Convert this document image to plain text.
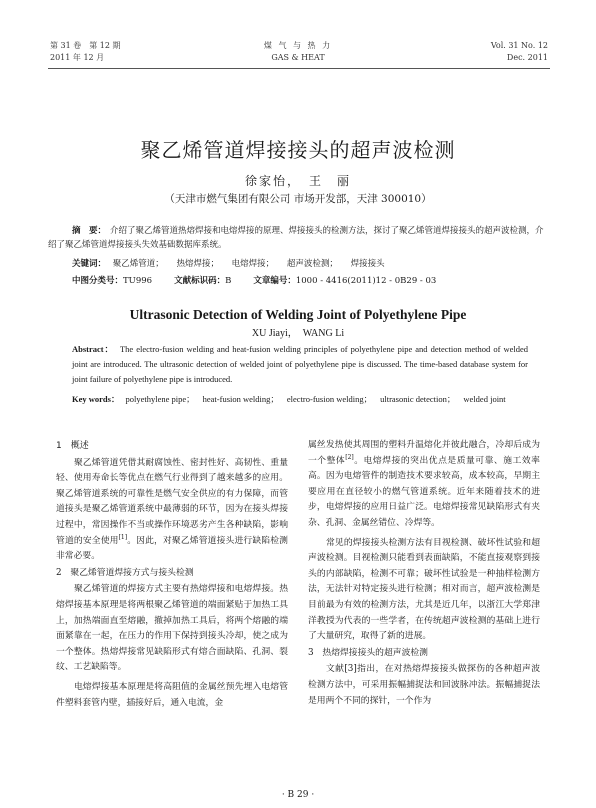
第 31 卷　第 12 期
2011 年 12 月
煤 气 与 热 力
GAS & HEAT
Vol. 31 No. 12
Dec. 2011
聚乙烯管道焊接接头的超声波检测
徐家怡，　王　丽
（天津市燃气集团有限公司 市场开发部，天津 300010）
摘　要： 介绍了聚乙烯管道热熔焊接和电熔焊接的原理、焊接接头的检测方法，探讨了聚乙烯管道焊接接头的超声波检测，介绍了聚乙烯管道焊接接头失效基础数据库系统。
关键词： 聚乙烯管道； 热熔焊接； 电熔焊接； 超声波检测； 焊接接头
中图分类号：TU996	文献标识码：B	文章编号：1000 - 4416(2011)12 - 0B29 - 03
Ultrasonic Detection of Welding Joint of Polyethylene Pipe
XU Jiayi，　WANG Li
Abstract： The electro-fusion welding and heat-fusion welding principles of polyethylene pipe and detection method of welded joint are introduced. The ultrasonic detection of welded joint of polyethylene pipe is discussed. The time-based database system for joint failure of polyethylene pipe is introduced.
Key words： polyethylene pipe； heat-fusion welding； electro-fusion welding； ultrasonic detection； welded joint

1　概述

聚乙烯管道凭借其耐腐蚀性、密封性好、高韧性、重量轻、使用寿命长等优点在燃气行业得到了越来越多的应用。聚乙烯管道系统的可靠性是燃气安全供应的有力保障，而管道接头是聚乙烯管道系统中最薄弱的环节，因为在接头焊接过程中，常因操作不当或操作环境恶劣产生各种缺陷，影响管道的安全使用[1]。因此，对聚乙烯管道接头进行缺陷检测非常必要。

2　聚乙烯管道焊接方式与接头检测

聚乙烯管道的焊接方式主要有热熔焊接和电熔焊接。热熔焊接基本原理是将两根聚乙烯管道的端面紧贴于加热工具上，加热端面直至熔融，撤掉加热工具后，将两个熔融的端面紧靠在一起，在压力的作用下保持到接头冷却，使之成为一个整体。热熔焊接常见缺陷形式有熔合面缺陷、孔洞、裂纹、工艺缺陷等。

电熔焊接基本原理是将高阻值的金属丝预先埋入电熔管件塑料套管内壁，插接好后，通入电流，金

属丝发热使其周围的塑料升温熔化并彼此融合，冷却后成为一个整体[2]。电熔焊接的突出优点是质量可靠、施工效率高。因为电熔管件的制造技术要求较高，成本较高，早期主要应用在直径较小的燃气管道系统。近年来随着技术的进步，电熔焊接的应用日益广泛。电熔焊接常见缺陷形式有夹杂、孔洞、金属丝错位、冷焊等。

常见的焊接接头检测方法有目视检测、破坏性试验和超声波检测。目视检测只能看到表面缺陷，不能直接观察到接头的内部缺陷，检测不可靠；破坏性试验是一种抽样检测方法，无法针对特定接头进行检测；相对而言，超声波检测是目前最为有效的检测方法，尤其是近几年，以浙江大学郑津洋教授为代表的一些学者，在传统超声波检测的基础上进行了大量研究，取得了新的进展。

3　热熔焊接接头的超声波检测

文献[3]指出，在对热熔焊接接头做探伤的各种超声波检测方法中，可采用振幅捕捉法和回波脉冲法。振幅捕捉法是用两个不同的探针，一个作为

· B 29 ·
